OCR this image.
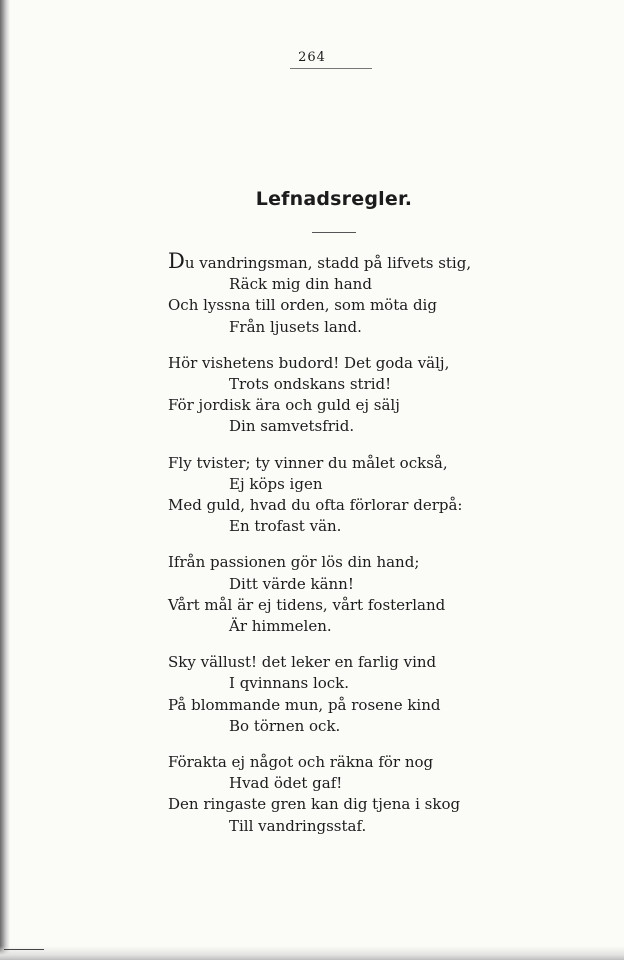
264
Lefnadsregler.
Du vandringsman, stadd på lifvets stig,
Räck mig din hand
Och lyssna till orden, som möta dig
Från ljusets land.
Hör vishetens budord! Det goda välj,
Trots ondskans strid!
För jordisk ära och guld ej sälj
Din samvetsfrid.
Fly tvister; ty vinner du målet också,
Ej köps igen
Med guld, hvad du ofta förlorar derpå:
En trofast vän.
Ifrån passionen gör lös din hand;
Ditt värde känn!
Vårt mål är ej tidens, vårt fosterland
Är himmelen.
Sky vällust! det leker en farlig vind
I qvinnans lock.
På blommande mun, på rosene kind
Bo törnen ock.
Förakta ej något och räkna för nog
Hvad ödet gaf!
Den ringaste gren kan dig tjena i skog
Till vandringsstaf.
